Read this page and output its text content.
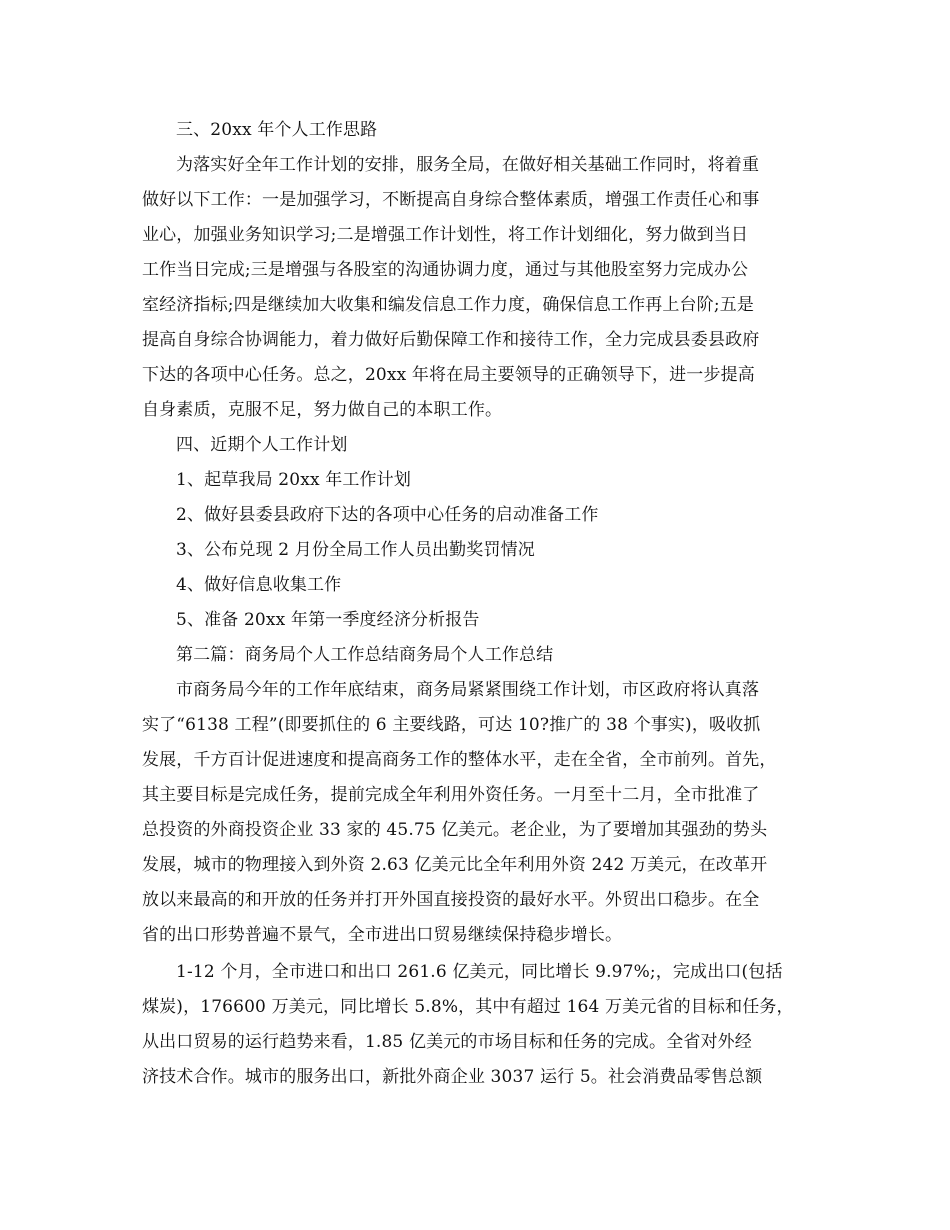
三、20xx 年个人工作思路
为落实好全年工作计划的安排，服务全局，在做好相关基础工作同时，将着重
做好以下工作：一是加强学习，不断提高自身综合整体素质，增强工作责任心和事
业心，加强业务知识学习;二是增强工作计划性，将工作计划细化，努力做到当日
工作当日完成;三是增强与各股室的沟通协调力度，通过与其他股室努力完成办公
室经济指标;四是继续加大收集和编发信息工作力度，确保信息工作再上台阶;五是
提高自身综合协调能力，着力做好后勤保障工作和接待工作，全力完成县委县政府
下达的各项中心任务。总之，20xx 年将在局主要领导的正确领导下，进一步提高
自身素质，克服不足，努力做自己的本职工作。
四、近期个人工作计划
1、起草我局 20xx 年工作计划
2、做好县委县政府下达的各项中心任务的启动准备工作
3、公布兑现 2 月份全局工作人员出勤奖罚情况
4、做好信息收集工作
5、准备 20xx 年第一季度经济分析报告
第二篇：商务局个人工作总结商务局个人工作总结
市商务局今年的工作年底结束，商务局紧紧围绕工作计划，市区政府将认真落
实了“6138 工程”(即要抓住的 6 主要线路，可达 10?推广的 38 个事实)，吸收抓
发展，千方百计促进速度和提高商务工作的整体水平，走在全省，全市前列。首先，
其主要目标是完成任务，提前完成全年利用外资任务。一月至十二月，全市批准了
总投资的外商投资企业 33 家的 45.75 亿美元。老企业，为了要增加其强劲的势头
发展，城市的物理接入到外资 2.63 亿美元比全年利用外资 242 万美元，在改革开
放以来最高的和开放的任务并打开外国直接投资的最好水平。外贸出口稳步。在全
省的出口形势普遍不景气，全市进出口贸易继续保持稳步增长。
1-12 个月，全市进口和出口 261.6 亿美元，同比增长 9.97%;，完成出口(包括
煤炭)，176600 万美元，同比增长 5.8%，其中有超过 164 万美元省的目标和任务，
从出口贸易的运行趋势来看，1.85 亿美元的市场目标和任务的完成。全省对外经
济技术合作。城市的服务出口，新批外商企业 3037 运行 5。社会消费品零售总额
